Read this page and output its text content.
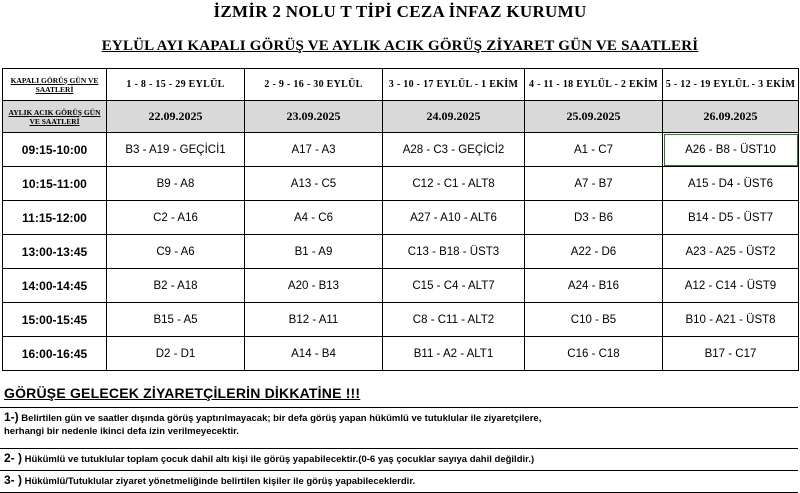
İZMİR 2 NOLU T TİPİ CEZA İNFAZ KURUMU
EYLÜL AYI KAPALI GÖRÜŞ VE AYLIK ACIK GÖRÜŞ ZİYARET GÜN VE SAATLERİ
KAPALI GÖRÜŞ GÜN VE SAATLERİ	1 - 8 - 15 - 29 EYLÜL	2 - 9 - 16 - 30 EYLÜL	3 - 10 - 17 EYLÜL - 1 EKİM	4 - 11 - 18 EYLÜL - 2 EKİM	5 - 12 - 19 EYLÜL - 3 EKİM
AYLIK ACIK GÖRÜŞ GÜN VE SAATLERİ	22.09.2025	23.09.2025	24.09.2025	25.09.2025	26.09.2025
09:15-10:00	B3 - A19 - GEÇİCİ1	A17 - A3	A28 - C3 - GEÇİCİ2	A1 - C7	A26 - B8 - ÜST10
10:15-11:00	B9 - A8	A13 - C5	C12 - C1 - ALT8	A7 - B7	A15 - D4 - ÜST6
11:15-12:00	C2 - A16	A4 - C6	A27 - A10 - ALT6	D3 - B6	B14 - D5 - ÜST7
13:00-13:45	C9 - A6	B1 - A9	C13 - B18 - ÜST3	A22 - D6	A23 - A25 - ÜST2
14:00-14:45	B2 - A18	A20 - B13	C15 - C4 - ALT7	A24 - B16	A12 - C14 - ÜST9
15:00-15:45	B15 - A5	B12 - A11	C8 - C11 - ALT2	C10 - B5	B10 - A21 - ÜST8
16:00-16:45	D2 - D1	A14 - B4	B11 - A2 - ALT1	C16 - C18	B17 - C17
GÖRÜŞE GELECEK ZİYARETÇİLERİN DİKKATİNE !!!
1-) Belirtilen gün ve saatler dışında görüş yaptırılmayacak; bir defa görüş yapan hükümlü ve tutuklular ile ziyaretçilere,
herhangi bir nedenle ikinci defa izin verilmeyecektir.
2- ) Hükümlü ve tutuklular toplam çocuk dahil altı kişi ile görüş yapabilecektir.(0-6 yaş çocuklar sayıya dahil değildir.)
3- ) Hükümlü/Tutuklular ziyaret yönetmeliğinde belirtilen kişiler ile görüş yapabileceklerdir.
